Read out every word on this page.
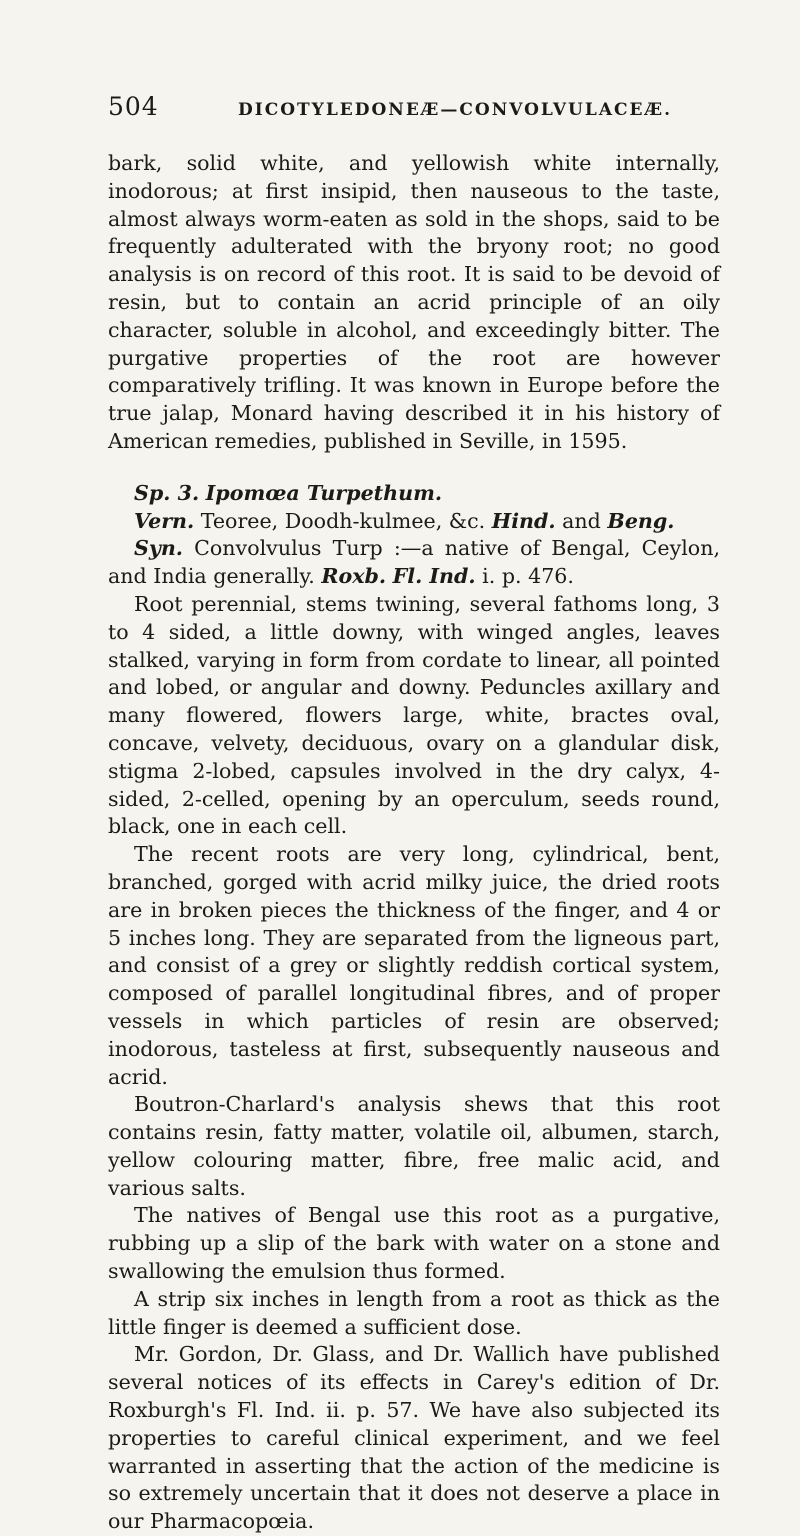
504	DICOTYLEDONEÆ—CONVOLVULACEÆ.

bark, solid white, and yellowish white internally, inodorous; at first insipid, then nauseous to the taste, almost always worm-eaten as sold in the shops, said to be frequently adulterated with the bryony root; no good analysis is on record of this root. It is said to be devoid of resin, but to contain an acrid principle of an oily character, soluble in alcohol, and exceedingly bitter. The purgative properties of the root are however comparatively trifling. It was known in Europe before the true jalap, Monard having described it in his history of American remedies, published in Seville, in 1595.

Sp. 3. Ipomœa Turpethum.

Vern. Teoree, Doodh-kulmee, &c. Hind. and Beng.

Syn. Convolvulus Turp :—a native of Bengal, Ceylon, and India generally. Roxb. Fl. Ind. i. p. 476.

Root perennial, stems twining, several fathoms long, 3 to 4 sided, a little downy, with winged angles, leaves stalked, varying in form from cordate to linear, all pointed and lobed, or angular and downy. Peduncles axillary and many flowered, flowers large, white, bractes oval, concave, velvety, deciduous, ovary on a glandular disk, stigma 2-lobed, capsules involved in the dry calyx, 4-sided, 2-celled, opening by an operculum, seeds round, black, one in each cell.

The recent roots are very long, cylindrical, bent, branched, gorged with acrid milky juice, the dried roots are in broken pieces the thickness of the finger, and 4 or 5 inches long. They are separated from the ligneous part, and consist of a grey or slightly reddish cortical system, composed of parallel longitudinal fibres, and of proper vessels in which particles of resin are observed; inodorous, tasteless at first, subsequently nauseous and acrid.

Boutron-Charlard's analysis shews that this root contains resin, fatty matter, volatile oil, albumen, starch, yellow colouring matter, fibre, free malic acid, and various salts.

The natives of Bengal use this root as a purgative, rubbing up a slip of the bark with water on a stone and swallowing the emulsion thus formed.

A strip six inches in length from a root as thick as the little finger is deemed a sufficient dose.

Mr. Gordon, Dr. Glass, and Dr. Wallich have published several notices of its effects in Carey's edition of Dr. Roxburgh's Fl. Ind. ii. p. 57. We have also subjected its properties to careful clinical experiment, and we feel warranted in asserting that the action of the medicine is so extremely uncertain that it does not deserve a place in our Pharmacopœia.
